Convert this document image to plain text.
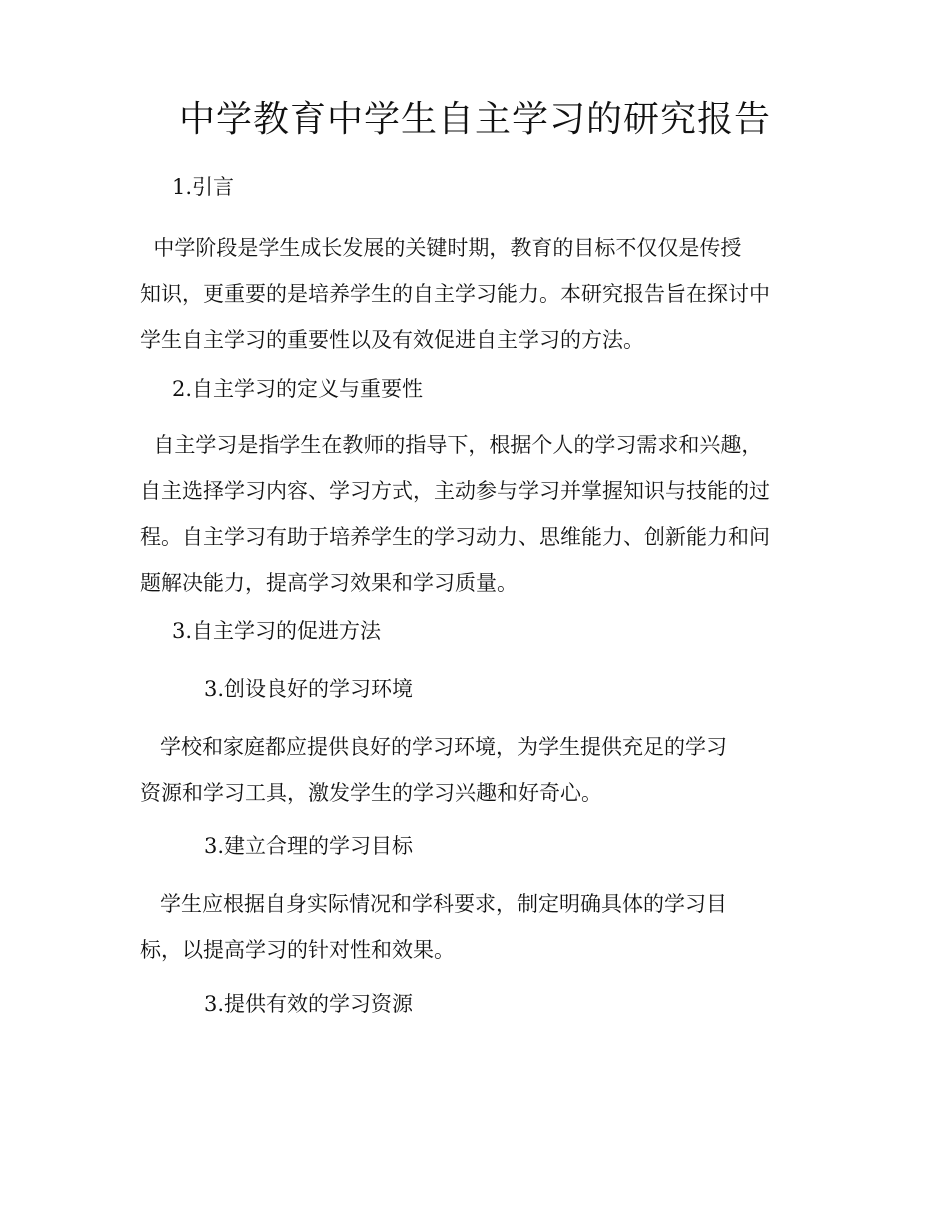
中学教育中学生自主学习的研究报告
1.引言

中学阶段是学生成长发展的关键时期，教育的目标不仅仅是传授
知识，更重要的是培养学生的自主学习能力。本研究报告旨在探讨中
学生自主学习的重要性以及有效促进自主学习的方法。

2.自主学习的定义与重要性

自主学习是指学生在教师的指导下，根据个人的学习需求和兴趣，
自主选择学习内容、学习方式，主动参与学习并掌握知识与技能的过
程。自主学习有助于培养学生的学习动力、思维能力、创新能力和问
题解决能力，提高学习效果和学习质量。

3.自主学习的促进方法
3.创设良好的学习环境

学校和家庭都应提供良好的学习环境，为学生提供充足的学习
资源和学习工具，激发学生的学习兴趣和好奇心。

3.建立合理的学习目标

学生应根据自身实际情况和学科要求，制定明确具体的学习目
标，以提高学习的针对性和效果。

3.提供有效的学习资源
